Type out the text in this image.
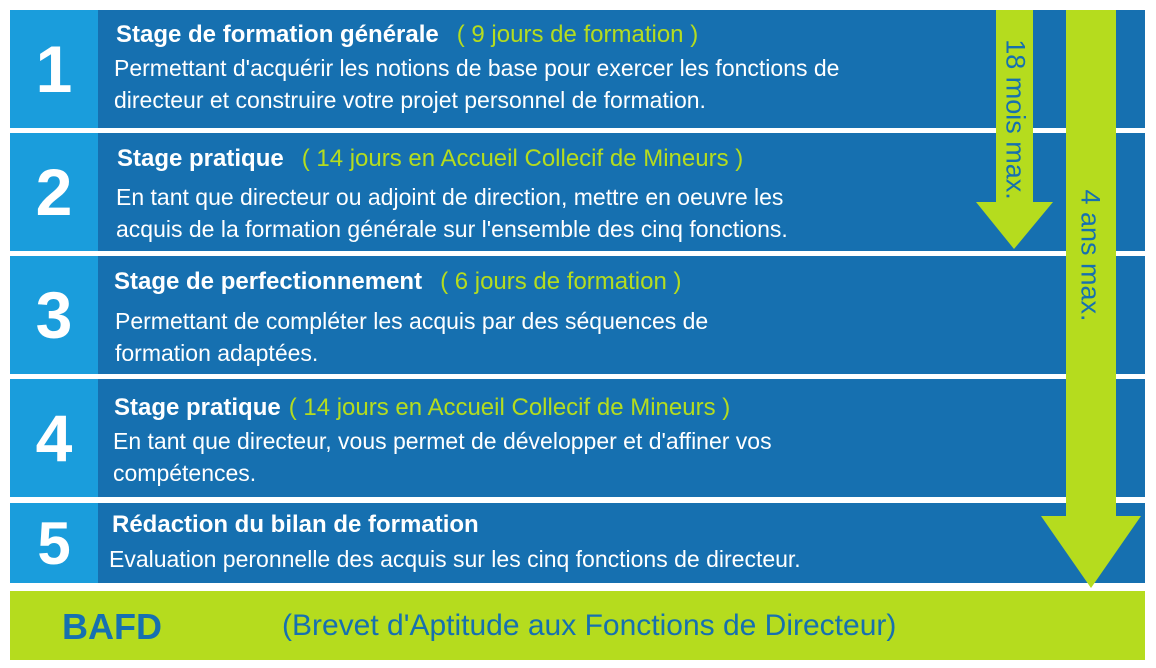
1	Stage de formation générale ( 9 jours de formation )
Permettant d'acquérir les notions de base pour exercer les fonctions de
directeur et construire votre projet personnel de formation.
2	Stage pratique ( 14 jours en Accueil Collecif de Mineurs )
En tant que directeur ou adjoint de direction, mettre en oeuvre les
acquis de la formation générale sur l'ensemble des cinq fonctions.
3	Stage de perfectionnement ( 6 jours de formation )
Permettant de compléter les acquis par des séquences de
formation adaptées.
4	Stage pratique ( 14 jours en Accueil Collecif de Mineurs )
En tant que directeur, vous permet de développer et d'affiner vos
compétences.
5	Rédaction du bilan de formation
Evaluation peronnelle des acquis sur les cinq fonctions de directeur.
BAFD	(Brevet d'Aptitude aux Fonctions de Directeur)
18 mois max.
4 ans max.
